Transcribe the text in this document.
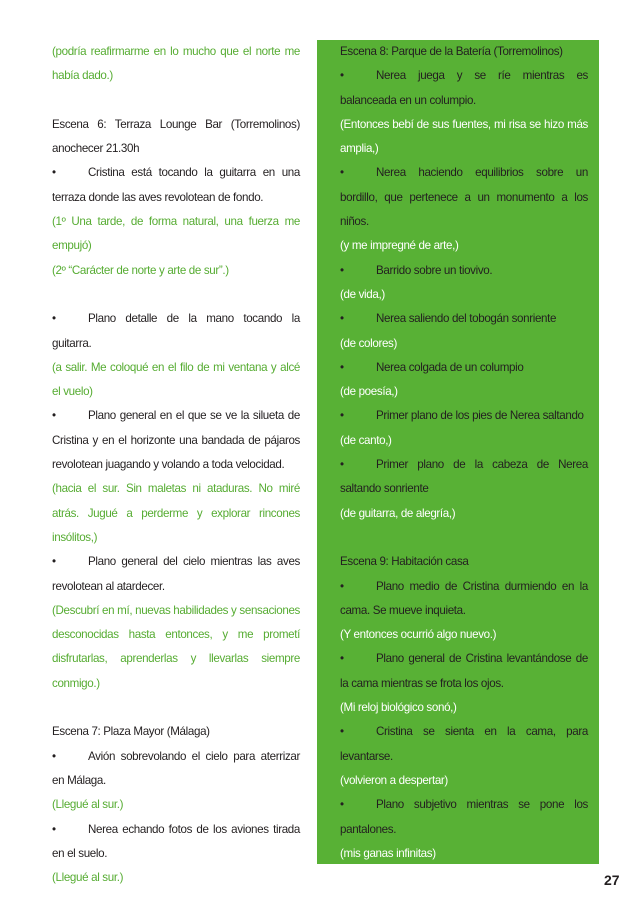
(podría reafirmarme en lo mucho que el norte me había dado.)

Escena 6: Terraza Lounge Bar (Torremolinos) anochecer 21.30h

•	Cristina está tocando la guitarra en una terraza donde las aves revolotean de fondo.

(1º Una tarde, de forma natural, una fuerza me empujó)

(2º “Carácter de norte y arte de sur”.)

•	Plano detalle de la mano tocando la guitarra.

(a salir. Me coloqué en el filo de mi ventana y alcé el vuelo)

•	Plano general en el que se ve la silueta de Cristina y en el horizonte una bandada de pájaros revolotean juagando y volando a toda velocidad.

(hacia el sur. Sin maletas ni ataduras. No miré atrás. Jugué a perderme y explorar rincones insólitos,)

•	Plano general del cielo mientras las aves revolotean al atardecer.

(Descubrí en mí, nuevas habilidades y sensaciones desconocidas hasta entonces, y me prometí disfrutarlas, aprenderlas y llevarlas siempre conmigo.)

Escena 7: Plaza Mayor (Málaga)

•	Avión sobrevolando el cielo para aterrizar en Málaga.

(Llegué al sur.)

•	Nerea echando fotos de los aviones tirada en el suelo.

(Llegué al sur.)

Escena 8: Parque de la Batería (Torremolinos)

•	Nerea juega y se ríe mientras es balanceada en un columpio.

(Entonces bebí de sus fuentes, mi risa se hizo más amplia,)

•	Nerea haciendo equilibrios sobre un bordillo, que pertenece a un monumento a los niños.

(y me impregné de arte,)

•	Barrido sobre un tiovivo.

(de vida,)

•	Nerea saliendo del tobogán sonriente

(de colores)

•	Nerea colgada de un columpio

(de poesía,)

•	Primer plano de los pies de Nerea saltando

(de canto,)

•	Primer plano de la cabeza de Nerea saltando sonriente

(de guitarra, de alegría,)

Escena 9: Habitación casa

•	Plano medio de Cristina durmiendo en la cama. Se mueve inquieta.

(Y entonces ocurrió algo nuevo.)

•	Plano general de Cristina levantándose de la cama mientras se frota los ojos.

(Mi reloj biológico sonó,)

•	Cristina se sienta en la cama, para levantarse.

(volvieron a despertar)

•	Plano subjetivo mientras se pone los pantalones.

(mis ganas infinitas)

27
